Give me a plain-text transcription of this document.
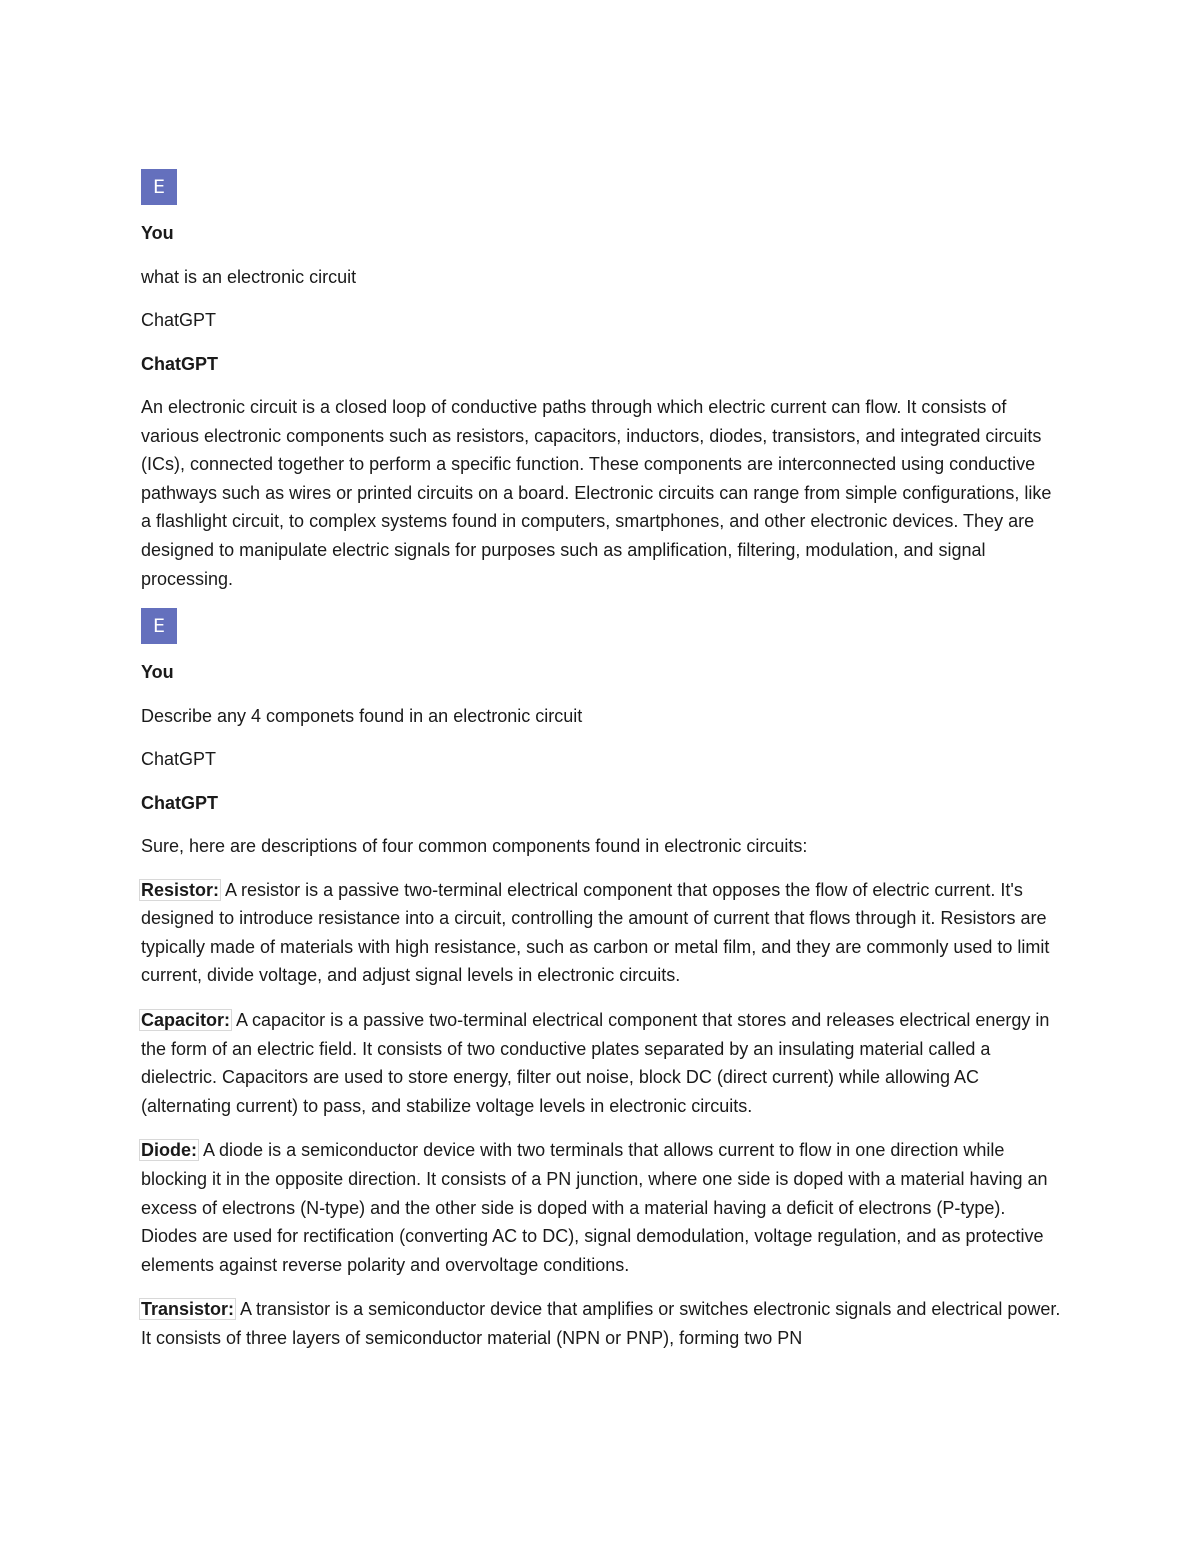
E

You

what is an electronic circuit

ChatGPT

ChatGPT

An electronic circuit is a closed loop of conductive paths through which electric current can flow. It consists of various electronic components such as resistors, capacitors, inductors, diodes, transistors, and integrated circuits (ICs), connected together to perform a specific function. These components are interconnected using conductive pathways such as wires or printed circuits on a board. Electronic circuits can range from simple configurations, like a flashlight circuit, to complex systems found in computers, smartphones, and other electronic devices. They are designed to manipulate electric signals for purposes such as amplification, filtering, modulation, and signal processing.

E

You

Describe any 4 componets found in an electronic circuit

ChatGPT

ChatGPT

Sure, here are descriptions of four common components found in electronic circuits:

Resistor: A resistor is a passive two-terminal electrical component that opposes the flow of electric current. It's designed to introduce resistance into a circuit, controlling the amount of current that flows through it. Resistors are typically made of materials with high resistance, such as carbon or metal film, and they are commonly used to limit current, divide voltage, and adjust signal levels in electronic circuits.

Capacitor: A capacitor is a passive two-terminal electrical component that stores and releases electrical energy in the form of an electric field. It consists of two conductive plates separated by an insulating material called a dielectric. Capacitors are used to store energy, filter out noise, block DC (direct current) while allowing AC (alternating current) to pass, and stabilize voltage levels in electronic circuits.

Diode: A diode is a semiconductor device with two terminals that allows current to flow in one direction while blocking it in the opposite direction. It consists of a PN junction, where one side is doped with a material having an excess of electrons (N-type) and the other side is doped with a material having a deficit of electrons (P-type). Diodes are used for rectification (converting AC to DC), signal demodulation, voltage regulation, and as protective elements against reverse polarity and overvoltage conditions.

Transistor: A transistor is a semiconductor device that amplifies or switches electronic signals and electrical power. It consists of three layers of semiconductor material (NPN or PNP), forming two PN
